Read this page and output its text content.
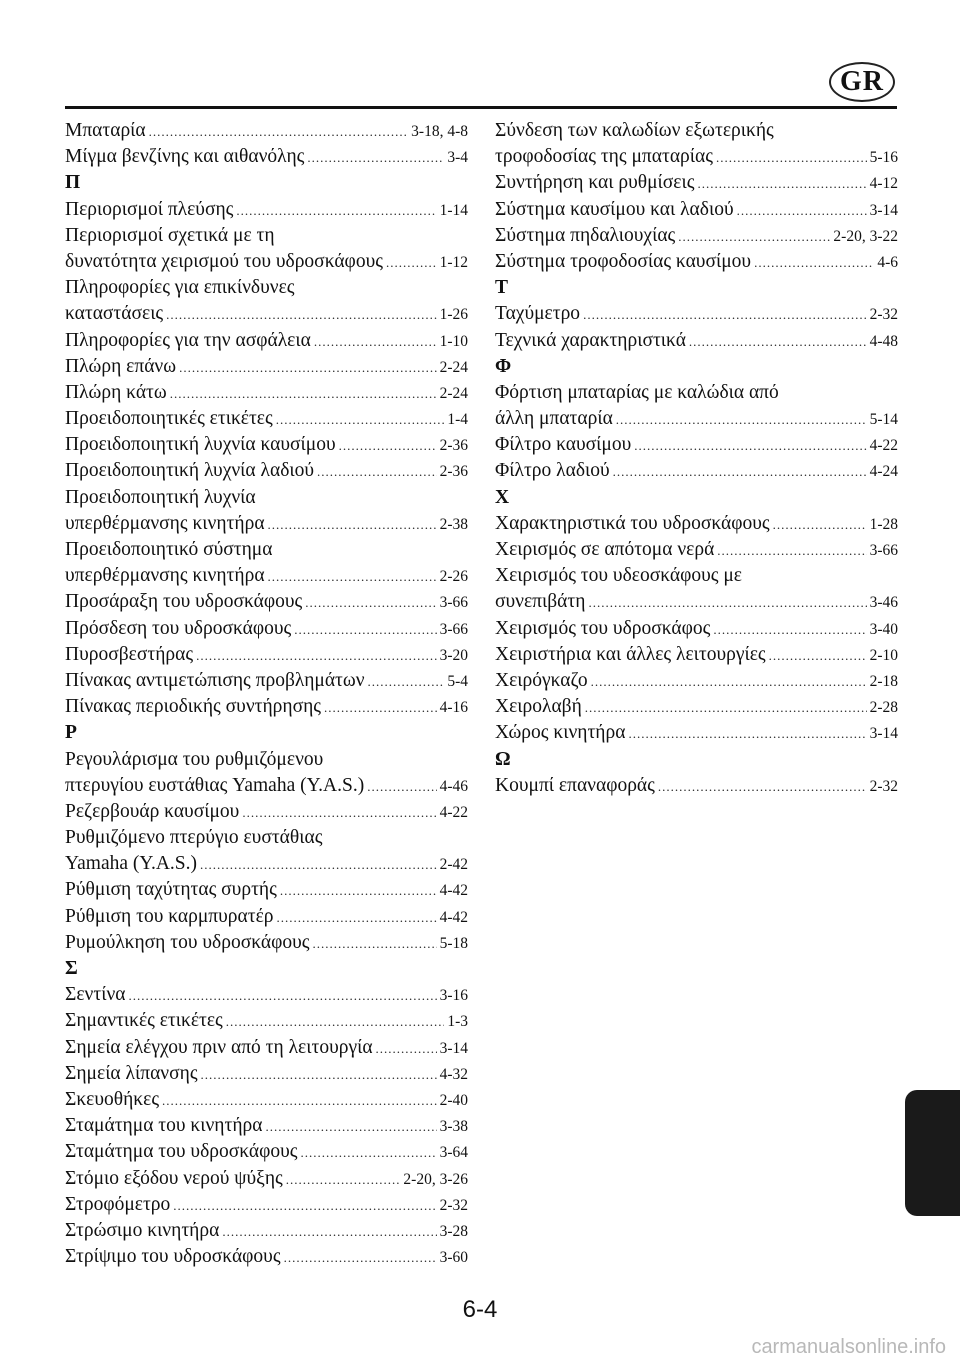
GR
Μπαταρία .....	3-18, 4-8
Μίγμα βενζίνης και αιθανόλης .....	3-4
Π
Περιορισμοί πλεύσης .....	1-14
Περιορισμοί σχετικά με τη
δυνατότητα χειρισμού του υδροσκάφους .....	1-12
Πληροφορίες για επικίνδυνες
καταστάσεις .....	1-26
Πληροφορίες για την ασφάλεια .....	1-10
Πλώρη επάνω .....	2-24
Πλώρη κάτω .....	2-24
Προειδοποιητικές ετικέτες .....	1-4
Προειδοποιητική λυχνία καυσίμου .....	2-36
Προειδοποιητική λυχνία λαδιού .....	2-36
Προειδοποιητική λυχνία
υπερθέρμανσης κινητήρα .....	2-38
Προειδοποιητικό σύστημα
υπερθέρμανσης κινητήρα .....	2-26
Προσάραξη του υδροσκάφους .....	3-66
Πρόσδεση του υδροσκάφους .....	3-66
Πυροσβεστήρας .....	3-20
Πίνακας αντιμετώπισης προβλημάτων .....	5-4
Πίνακας περιοδικής συντήρησης .....	4-16
Ρ
Ρεγουλάρισμα του ρυθμιζόμενου
πτερυγίου ευστάθιας Yamaha (Y.A.S.) .....	4-46
Ρεζερβουάρ καυσίμου .....	4-22
Ρυθμιζόμενο πτερύγιο ευστάθιας
Yamaha (Y.A.S.) .....	2-42
Ρύθμιση ταχύτητας συρτής .....	4-42
Ρύθμιση του καρμπυρατέρ .....	4-42
Ρυμούλκηση του υδροσκάφους .....	5-18
Σ
Σεντίνα .....	3-16
Σημαντικές ετικέτες .....	1-3
Σημεία ελέγχου πριν από τη λειτουργία .....	3-14
Σημεία λίπανσης .....	4-32
Σκευοθήκες .....	2-40
Σταμάτημα του κινητήρα .....	3-38
Σταμάτημα του υδροσκάφους .....	3-64
Στόμιο εξόδου νερού ψύξης .....	2-20, 3-26
Στροφόμετρο .....	2-32
Στρώσιμο κινητήρα .....	3-28
Στρίψιμο του υδροσκάφους .....	3-60
Σύνδεση των καλωδίων εξωτερικής
τροφοδοσίας της μπαταρίας .....	5-16
Συντήρηση και ρυθμίσεις .....	4-12
Σύστημα καυσίμου και λαδιού .....	3-14
Σύστημα πηδαλιουχίας .....	2-20, 3-22
Σύστημα τροφοδοσίας καυσίμου .....	4-6
Τ
Ταχύμετρο .....	2-32
Τεχνικά χαρακτηριστικά .....	4-48
Φ
Φόρτιση μπαταρίας με καλώδια από
άλλη μπαταρία .....	5-14
Φίλτρο καυσίμου .....	4-22
Φίλτρο λαδιού .....	4-24
Χ
Χαρακτηριστικά του υδροσκάφους .....	1-28
Χειρισμός σε απότομα νερά .....	3-66
Χειρισμός του υδεοσκάφους με
συνεπιβάτη .....	3-46
Χειρισμός του υδροσκάφος .....	3-40
Χειριστήρια και άλλες λειτουργίες .....	2-10
Χειρόγκαζο .....	2-18
Χειρολαβή .....	2-28
Χώρος κινητήρα .....	3-14
Ω
Κουμπί επαναφοράς .....	2-32
6-4
carmanualsonline.info
